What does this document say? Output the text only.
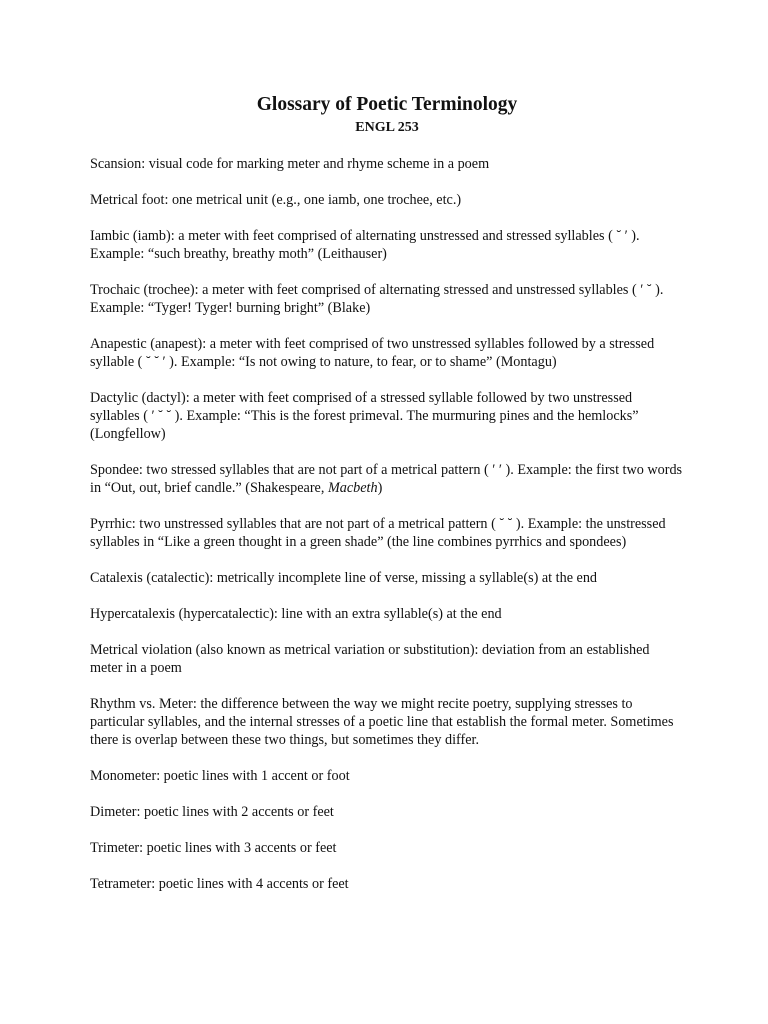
Glossary of Poetic Terminology
ENGL 253

Scansion: visual code for marking meter and rhyme scheme in a poem

Metrical foot: one metrical unit (e.g., one iamb, one trochee, etc.)

Iambic (iamb): a meter with feet comprised of alternating unstressed and stressed syllables ( ˘ ′ ). Example: “such breathy, breathy moth” (Leithauser)

Trochaic (trochee): a meter with feet comprised of alternating stressed and unstressed syllables ( ′ ˘ ). Example: “Tyger! Tyger! burning bright” (Blake)

Anapestic (anapest): a meter with feet comprised of two unstressed syllables followed by a stressed syllable ( ˘ ˘ ′ ). Example: “Is not owing to nature, to fear, or to shame” (Montagu)

Dactylic (dactyl): a meter with feet comprised of a stressed syllable followed by two unstressed syllables ( ′ ˘ ˘ ). Example: “This is the forest primeval. The murmuring pines and the hemlocks” (Longfellow)

Spondee: two stressed syllables that are not part of a metrical pattern ( ′ ′ ). Example: the first two words in “Out, out, brief candle.” (Shakespeare, Macbeth)

Pyrrhic: two unstressed syllables that are not part of a metrical pattern ( ˘ ˘ ). Example: the unstressed syllables in “Like a green thought in a green shade” (the line combines pyrrhics and spondees)

Catalexis (catalectic): metrically incomplete line of verse, missing a syllable(s) at the end

Hypercatalexis (hypercatalectic): line with an extra syllable(s) at the end

Metrical violation (also known as metrical variation or substitution): deviation from an established meter in a poem

Rhythm vs. Meter: the difference between the way we might recite poetry, supplying stresses to particular syllables, and the internal stresses of a poetic line that establish the formal meter. Sometimes there is overlap between these two things, but sometimes they differ.

Monometer: poetic lines with 1 accent or foot

Dimeter: poetic lines with 2 accents or feet

Trimeter: poetic lines with 3 accents or feet

Tetrameter: poetic lines with 4 accents or feet
